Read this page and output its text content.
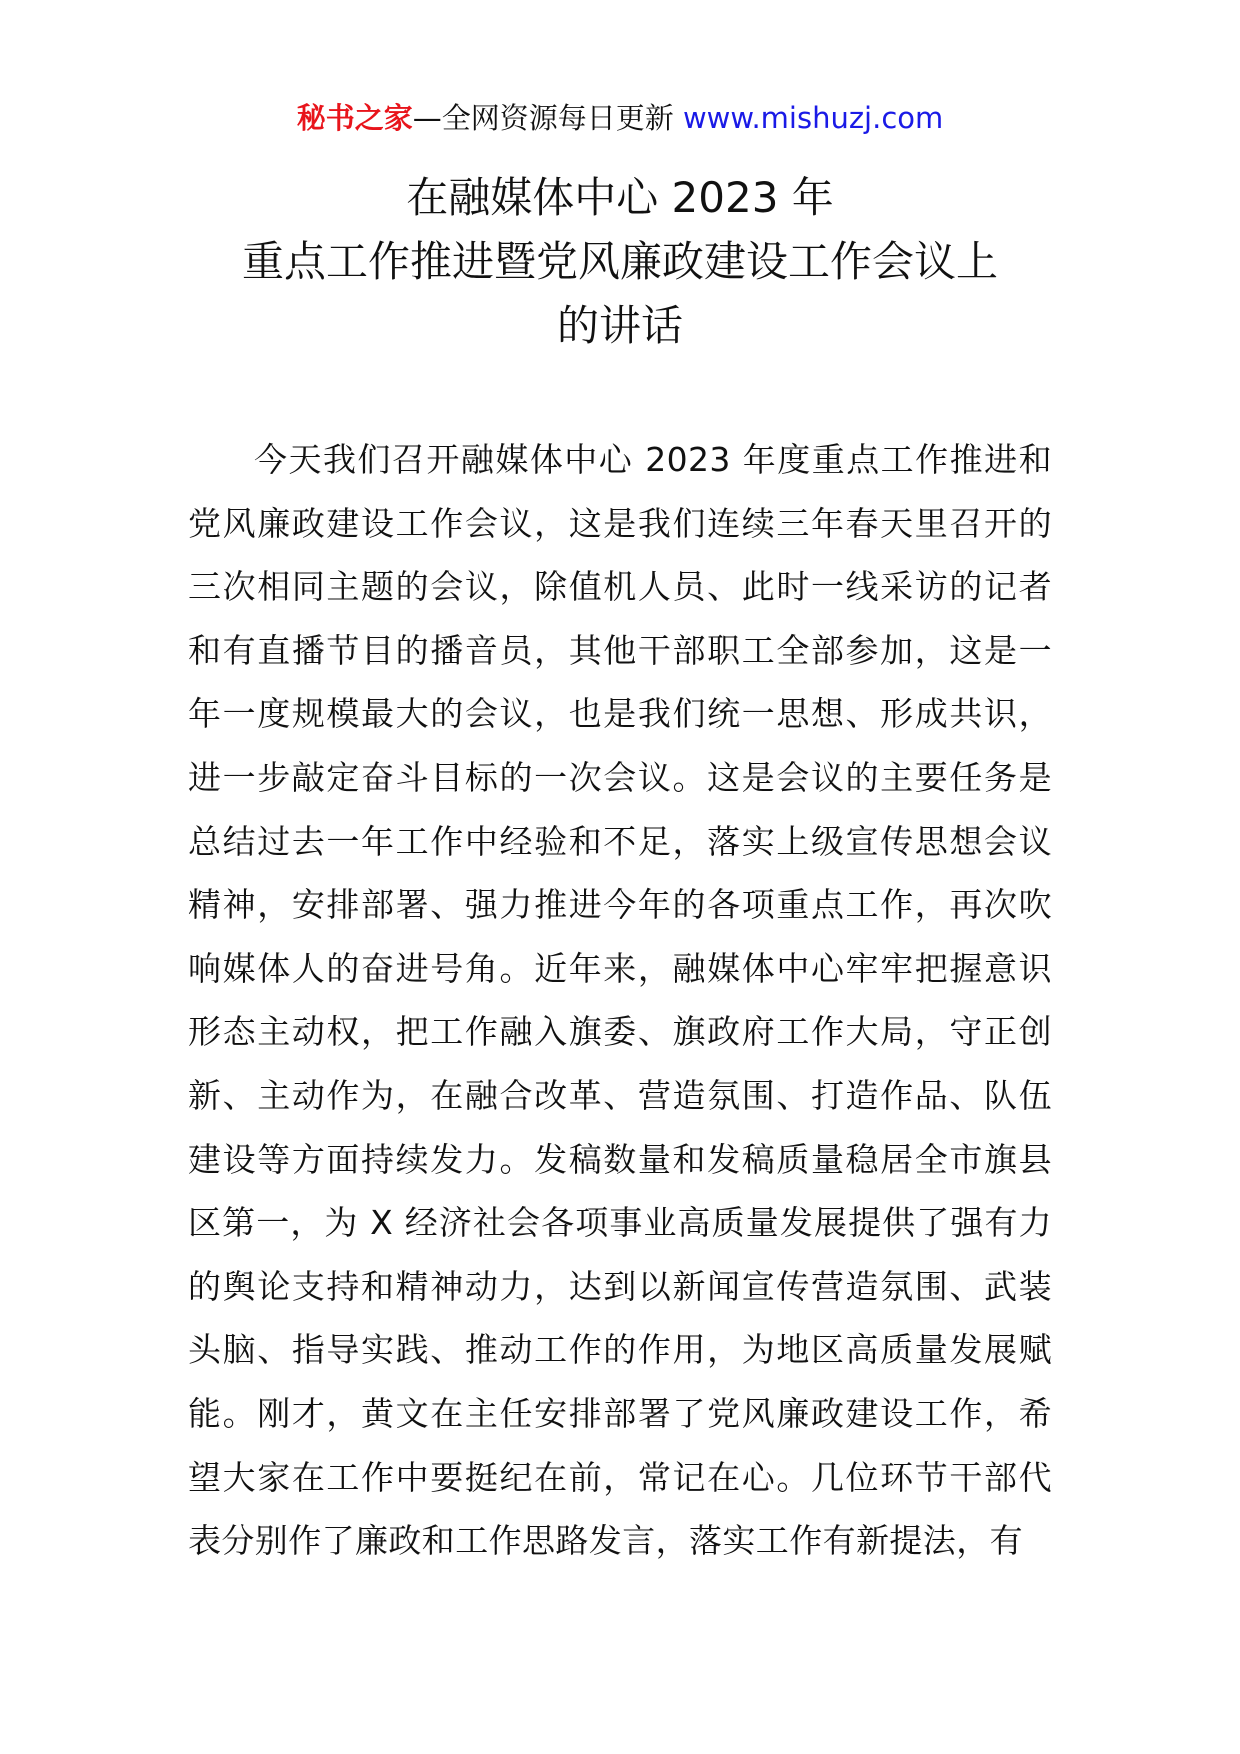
秘书之家—全网资源每日更新 www.mishuzj.com
在融媒体中心 2023 年
重点工作推进暨党风廉政建设工作会议上
的讲话

今天我们召开融媒体中心 2023 年度重点工作推进和党风廉政建设工作会议，这是我们连续三年春天里召开的三次相同主题的会议，除值机人员、此时一线采访的记者和有直播节目的播音员，其他干部职工全部参加，这是一年一度规模最大的会议，也是我们统一思想、形成共识，进一步敲定奋斗目标的一次会议。这是会议的主要任务是总结过去一年工作中经验和不足，落实上级宣传思想会议精神，安排部署、强力推进今年的各项重点工作，再次吹响媒体人的奋进号角。近年来，融媒体中心牢牢把握意识形态主动权，把工作融入旗委、旗政府工作大局，守正创新、主动作为，在融合改革、营造氛围、打造作品、队伍建设等方面持续发力。发稿数量和发稿质量稳居全市旗县区第一，为 X 经济社会各项事业高质量发展提供了强有力的舆论支持和精神动力，达到以新闻宣传营造氛围、武装头脑、指导实践、推动工作的作用，为地区高质量发展赋能。刚才，黄文在主任安排部署了党风廉政建设工作，希望大家在工作中要挺纪在前，常记在心。几位环节干部代表分别作了廉政和工作思路发言，落实工作有新提法，有
